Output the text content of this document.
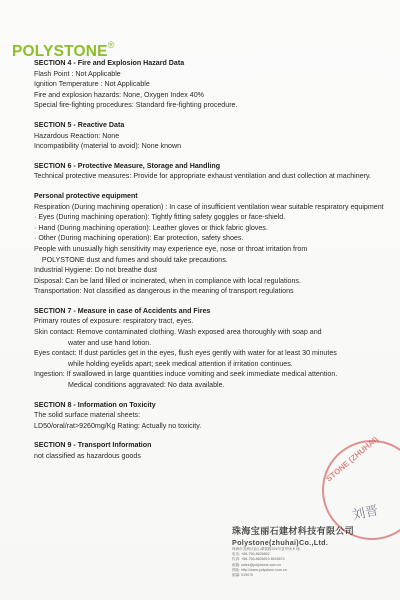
POLYSTONE®
SECTION 4 - Fire and Explosion Hazard Data
Flash Point : Not Applicable
Ignition Temperature : Not Applicable
Fire and explosion hazards: None, Oxygen Index 40%
Special fire-fighting procedures: Standard fire-fighting procedure.
SECTION 5 - Reactive Data
Hazardous Reaction: None
Incompatibility (material to avoid): None known
SECTION 6 - Protective Measure, Storage and Handling
Technical protective measures: Provide for appropriate exhaust ventilation and dust collection at machinery.
Personal protective equipment
Respiration (During machining operation) : In case of insufficient ventilation wear suitable respiratory equipment
· Eyes (During machining operation): Tightly fitting safety goggles or face-shield.
· Hand (During machining operation): Leather gloves or thick fabric gloves.
· Other (During machining operation): Ear protection, safety shoes.
People with unusually high sensitivity may experience eye, nose or throat irritation from
POLYSTONE dust and fumes and should take precautions.
Industrial Hygiene: Do not breathe dust
Disposal: Can be land filled or incinerated, when in compliance with local regulations.
Transportation: Not classified as dangerous in the meaning of transport regulations
SECTION 7 - Measure in case of Accidents and Fires
Primary routes of exposure: respiratory tract, eyes.
Skin contact: Remove contaminated clothing. Wash exposed area thoroughly with soap and
water and use hand lotion.
Eyes contact: If dust particles get in the eyes, flush eyes gently with water for at least 30 minutes
while holding eyelids apart; seek medical attention if irritation continues.
Ingestion: If swallowed in large quantities induce vomiting and seek immediate medical attention.
Medical conditions aggravated: No data available.
SECTION 8 - Information on Toxicity
The solid surface material sheets:
LD50/oral/rat>9260mg/Kg Rating: Actually no toxicity.
SECTION 9 - Transport Information
not classified as hazardous goods	STONE (ZHUHAI)
刘晋
珠海宝丽石建材科技有限公司
Polystone(zhuhai)Co.,Ltd.
珠海市香洲区前山翠微路225号富华里 E 座
电话: +86-756-8626852
传真: +86-756-8626819 8626874
邮箱: sales@polystone.com.cn
网址: http://www.polystone.com.cn
邮编: 519070
